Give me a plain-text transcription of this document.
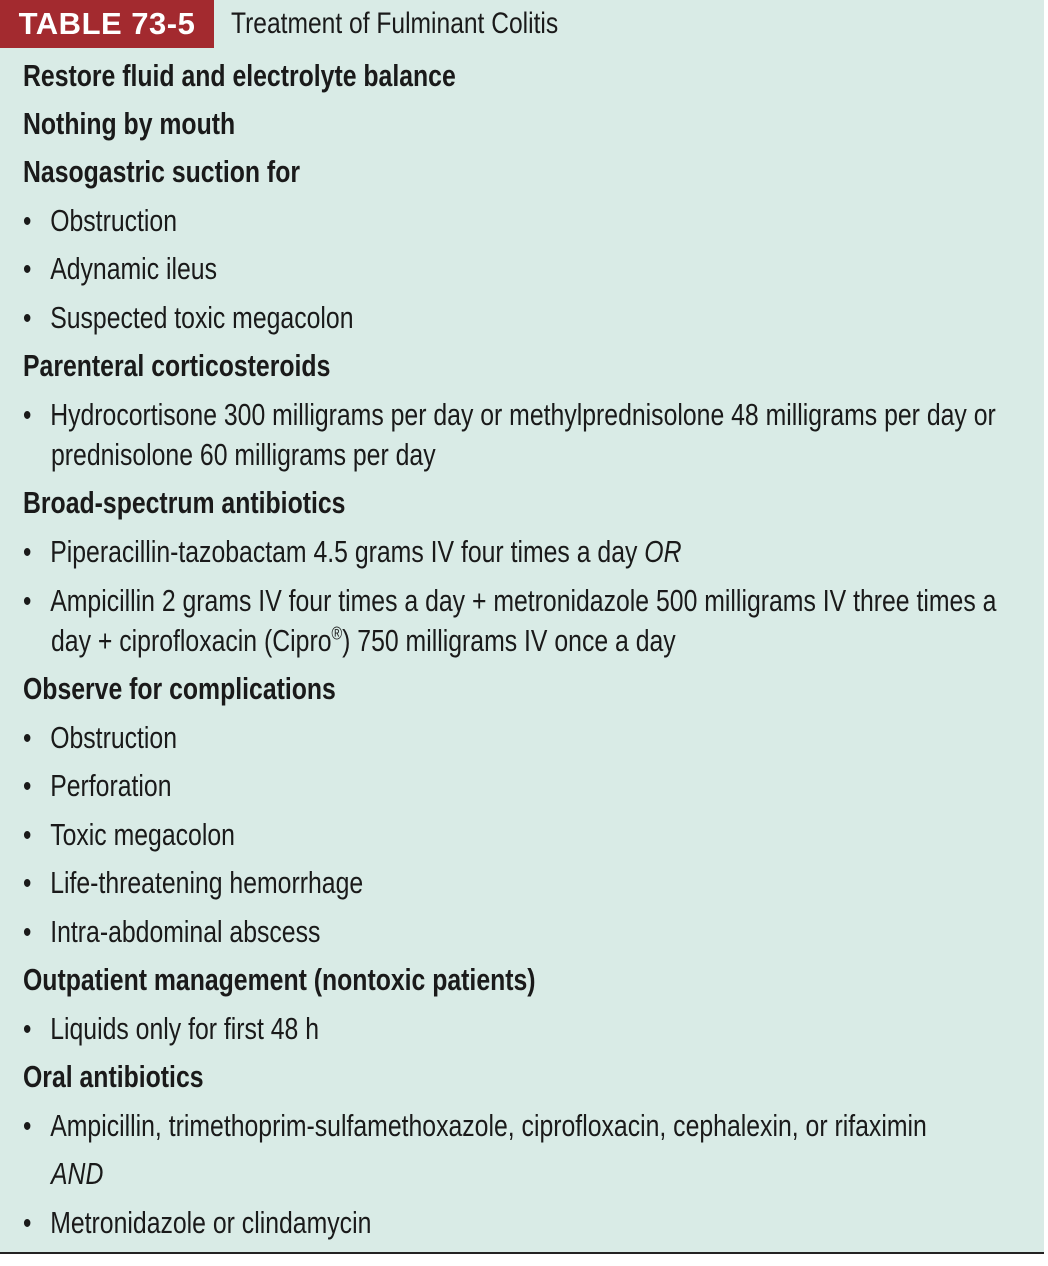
TABLE 73-5	Treatment of Fulminant Colitis
Restore fluid and electrolyte balance
Nothing by mouth
Nasogastric suction for
• Obstruction
• Adynamic ileus
• Suspected toxic megacolon
Parenteral corticosteroids
• Hydrocortisone 300 milligrams per day or methylprednisolone 48 milligrams per day or
prednisolone 60 milligrams per day
Broad-spectrum antibiotics
• Piperacillin-tazobactam 4.5 grams IV four times a day OR
• Ampicillin 2 grams IV four times a day + metronidazole 500 milligrams IV three times a
day + ciprofloxacin (Cipro®) 750 milligrams IV once a day
Observe for complications
• Obstruction
• Perforation
• Toxic megacolon
• Life-threatening hemorrhage
• Intra-abdominal abscess
Outpatient management (nontoxic patients)
• Liquids only for first 48 h
Oral antibiotics
• Ampicillin, trimethoprim-sulfamethoxazole, ciprofloxacin, cephalexin, or rifaximin
AND
• Metronidazole or clindamycin
